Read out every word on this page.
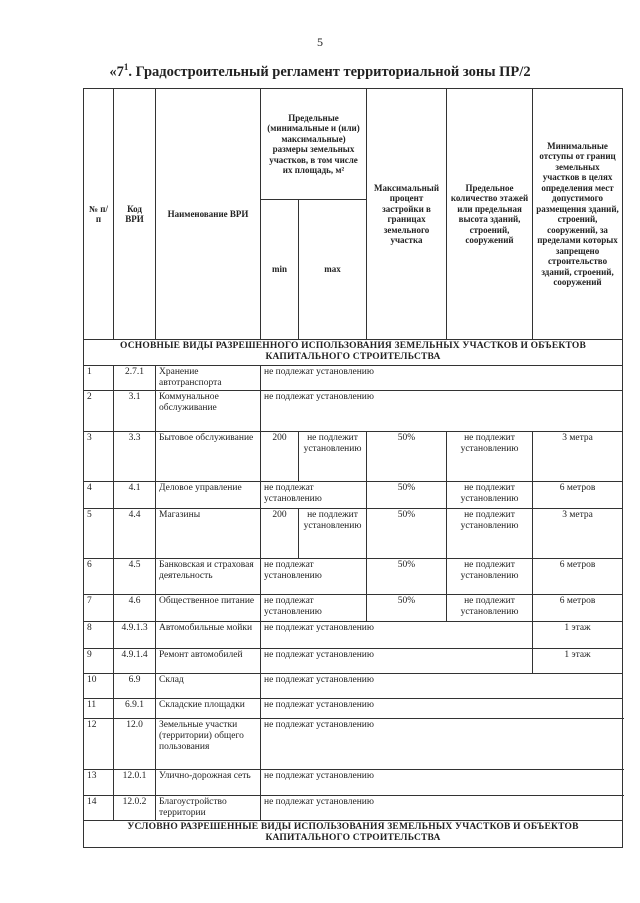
5
«$7^1$. Градостроительный регламент территориальной зоны ПР/2
№ п/п	Код ВРИ	Наименование ВРИ	Предельные (минимальные и (или) максимальные) размеры земельных участков, в том числе их площадь, м²		Максимальный процент застройки в границах земельного участка	Предельное количество этажей или предельная высота зданий, строений, сооружений	Минимальные отступы от границ земельных участков в целях определения мест допустимого размещения зданий, строений, сооружений, за пределами которых запрещено строительство зданий, строений, сооружений	
			min	max				
ОСНОВНЫЕ ВИДЫ РАЗРЕШЕННОГО ИСПОЛЬЗОВАНИЯ ЗЕМЕЛЬНЫХ УЧАСТКОВ И ОБЪЕКТОВ КАПИТАЛЬНОГО СТРОИТЕЛЬСТВА								
1	2.7.1	Хранение автотранспорта	не подлежат установлению	
2	3.1	Коммунальное обслуживание	не подлежат установлению					
3	3.3	Бытовое обслуживание	200	не подлежит установлению	50%	не подлежит установлению	3 метра	
4	4.1	Деловое управление	не подлежат установлению		50%	не подлежит установлению	6 метров	
5	4.4	Магазины	200	не подлежит установлению	50%	не подлежит установлению	3 метра	
6	4.5	Банковская и страховая деятельность	не подлежат установлению		50%	не подлежит установлению	6 метров	
7	4.6	Общественное питание	не подлежат установлению		50%	не подлежит установлению	6 метров	
8	4.9.1.3	Автомобильные мойки	не подлежат установлению				1 этаж	
9	4.9.1.4	Ремонт автомобилей	не подлежат установлению				1 этаж	
10	6.9	Склад	не подлежат установлению	
11	6.9.1	Складские площадки	не подлежат установлению					
12	12.0	Земельные участки (территории) общего пользования	не подлежат установлению					
13	12.0.1	Улично-дорожная сеть	не подлежат установлению					
14	12.0.2	Благоустройство территории	не подлежат установлению					
УСЛОВНО РАЗРЕШЕННЫЕ ВИДЫ ИСПОЛЬЗОВАНИЯ ЗЕМЕЛЬНЫХ УЧАСТКОВ И ОБЪЕКТОВ КАПИТАЛЬНОГО СТРОИТЕЛЬСТВА								
